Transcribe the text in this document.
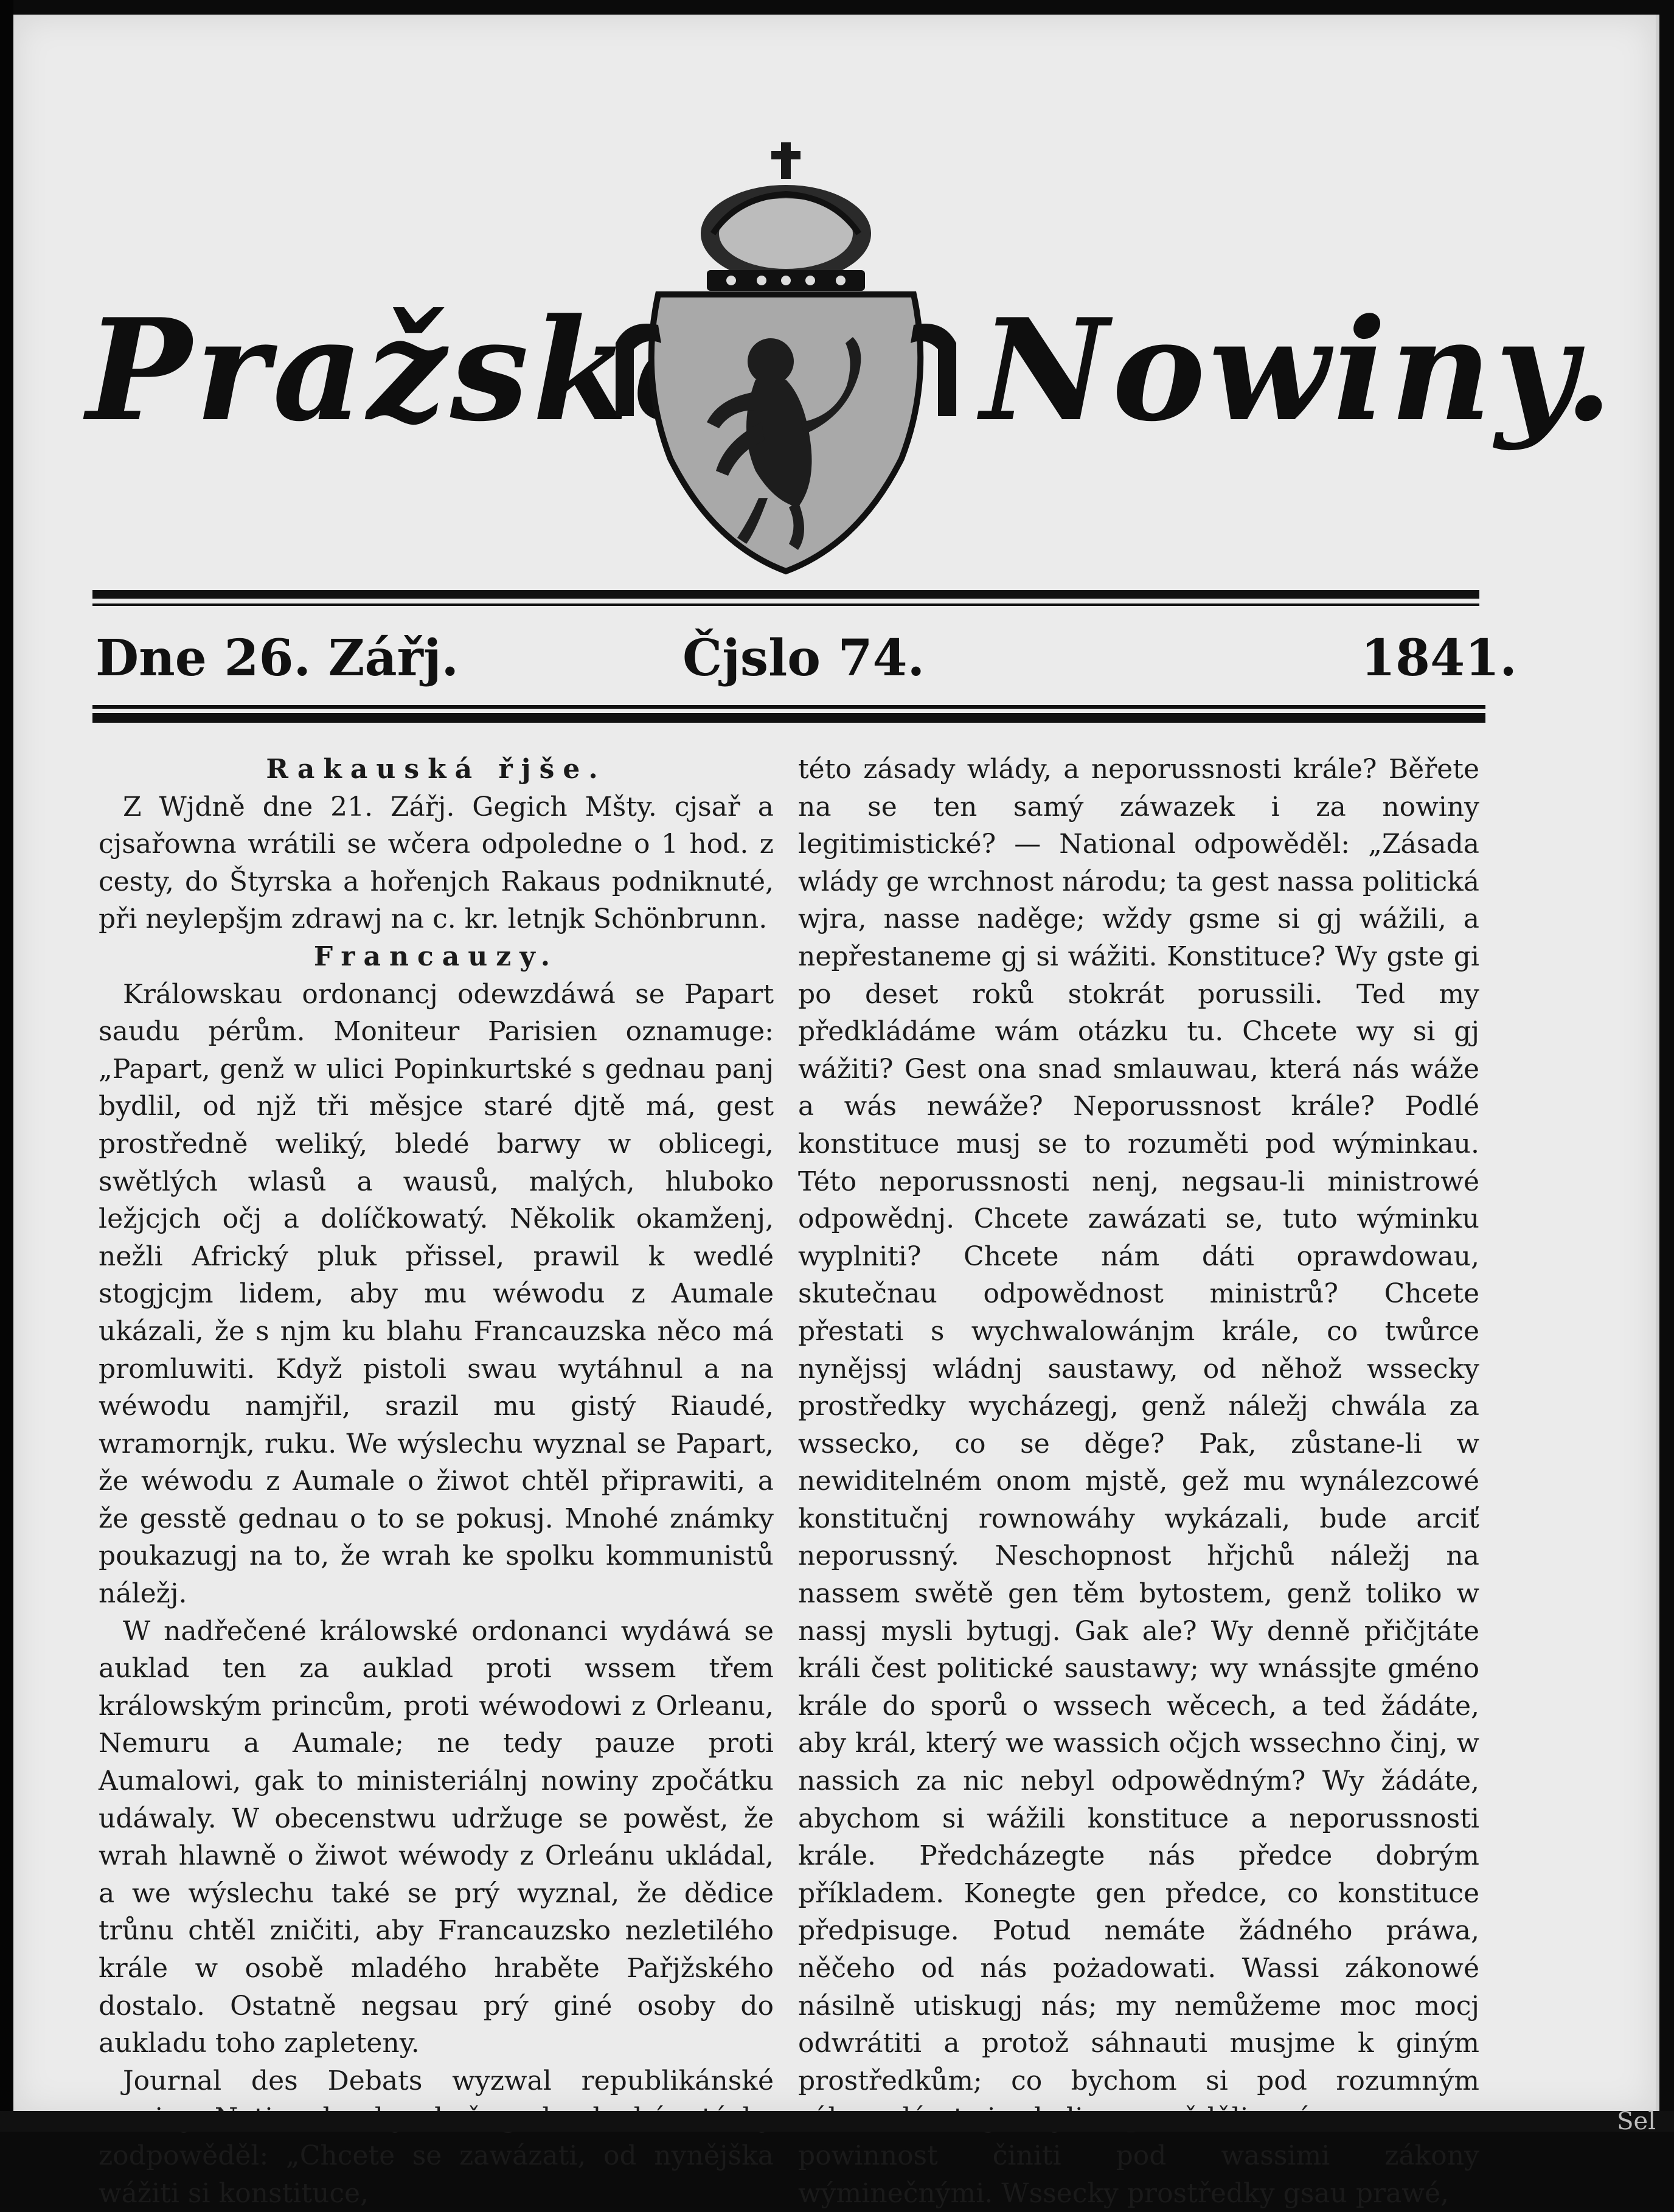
Pražské Nowiny.
Dne 26. Zářj.	Čjslo 74.	1841.

Rakauská řjše.

Z Wjdně dne 21. Zářj. Gegich Mšty. cjsař a cjsařowna wrátili se wčera odpoledne o 1 hod. z cesty, do Štyrska a hořenjch Rakaus podniknuté, při neylepšjm zdrawj na c. kr. letnjk Schönbrunn.

Francauzy.

Králowskau ordonancj odewzdáwá se Papart saudu pérům. Moniteur Parisien oznamuge: „Papart, genž w ulici Popinkurtské s gednau panj bydlil, od njž tři měsjce staré djtě má, gest prostředně weliký, bledé barwy w oblicegi, swětlých wlasů a wausů, malých, hluboko ležjcjch očj a dolíčkowatý. Několik okamženj, nežli Africký pluk přissel, prawil k wedlé stogjcjm lidem, aby mu wéwodu z Aumale ukázali, že s njm ku blahu Francauzska něco má promluwiti. Když pistoli swau wytáhnul a na wéwodu namjřil, srazil mu gistý Riaudé, wramornjk, ruku. We wýslechu wyznal se Papart, že wéwodu z Aumale o žiwot chtěl připrawiti, a že gesstě gednau o to se pokusj. Mnohé známky poukazugj na to, že wrah ke spolku kommunistů náležj.

W nadřečené králowské ordonanci wydáwá se auklad ten za auklad proti wssem třem králowským princům, proti wéwodowi z Orleanu, Nemuru a Aumale; ne tedy pauze proti Aumalowi, gak to ministeriálnj nowiny zpočátku udáwaly. W obecenstwu udržuge se powěst, že wrah hlawně o žiwot wéwody z Orleánu ukládal, a we wýslechu také se prý wyznal, že dědice trůnu chtěl zničiti, aby Francauzsko nezletilého krále w osobě mladého hraběte Pařjžského dostalo. Ostatně negsau prý giné osoby do aukladu toho zapleteny.

Journal des Debats wyzwal republikánské nowiny National, aby dwě gednoduché otázky zodpowěděl: „Chcete se zawázati, od nynějška

této zásady wlády, a neporussnosti krále? Běřete na se ten samý záwazek i za nowiny legitimistické? — National odpowěděl: „Zásada wlády ge wrchnost národu; ta gest nassa politická wjra, nasse naděge; wždy gsme si gj wážili, a nepřestaneme gj si wážiti. Konstituce? Wy gste gi po deset roků stokrát porussili. Ted my předkládáme wám otázku tu. Chcete wy si gj wážiti? Gest ona snad smlauwau, která nás wáže a wás newáže? Neporussnost krále? Podlé konstituce musj se to rozuměti pod wýminkau. Této neporussnosti nenj, negsau-li ministrowé odpowědnj. Chcete zawázati se, tuto wýminku wyplniti? Chcete nám dáti oprawdowau, skutečnau odpowědnost ministrů? Chcete přestati s wychwalowánjm krále, co twůrce nynějssj wládnj saustawy, od něhož wssecky prostředky wycházegj, genž náležj chwála za wsseckо, co se děge? Pak, zůstane-li w newiditelném onom mjstě, gež mu wynálezcowé konstitučnj rownowáhy wykázali, bude arciť neporussný. Neschopnost hřjchů náležj na nassem swětě gen těm bytostem, genž toliko w nassj mysli bytugj. Gak ale? Wy denně přičjtáte králi čest politické saustawy; wy wnássjte gméno krále do sporů o wssech wěcech, a ted žádáte, aby král, který we wassich očjch wssechno činj, w nassich za nic nebyl odpowědným? Wy žádáte, abychom si wážili konstituce a neporussnosti krále. Předcházegte nás předce dobrým příkladem. Konegte gen předce, co konstituce předpisuge. Potud nemáte žádného práwa, něčeho od nás pożadowati. Wassi zákonowé násilně utiskugj nás; my nemůžeme moc mocj odwrátiti a protož sáhnauti musjme k giným prostředkům; co bychom si pod rozumným zákonodárstwjm byli zapowěděli, máme za swau powinnost činiti pod wassimi zákony

Sel
